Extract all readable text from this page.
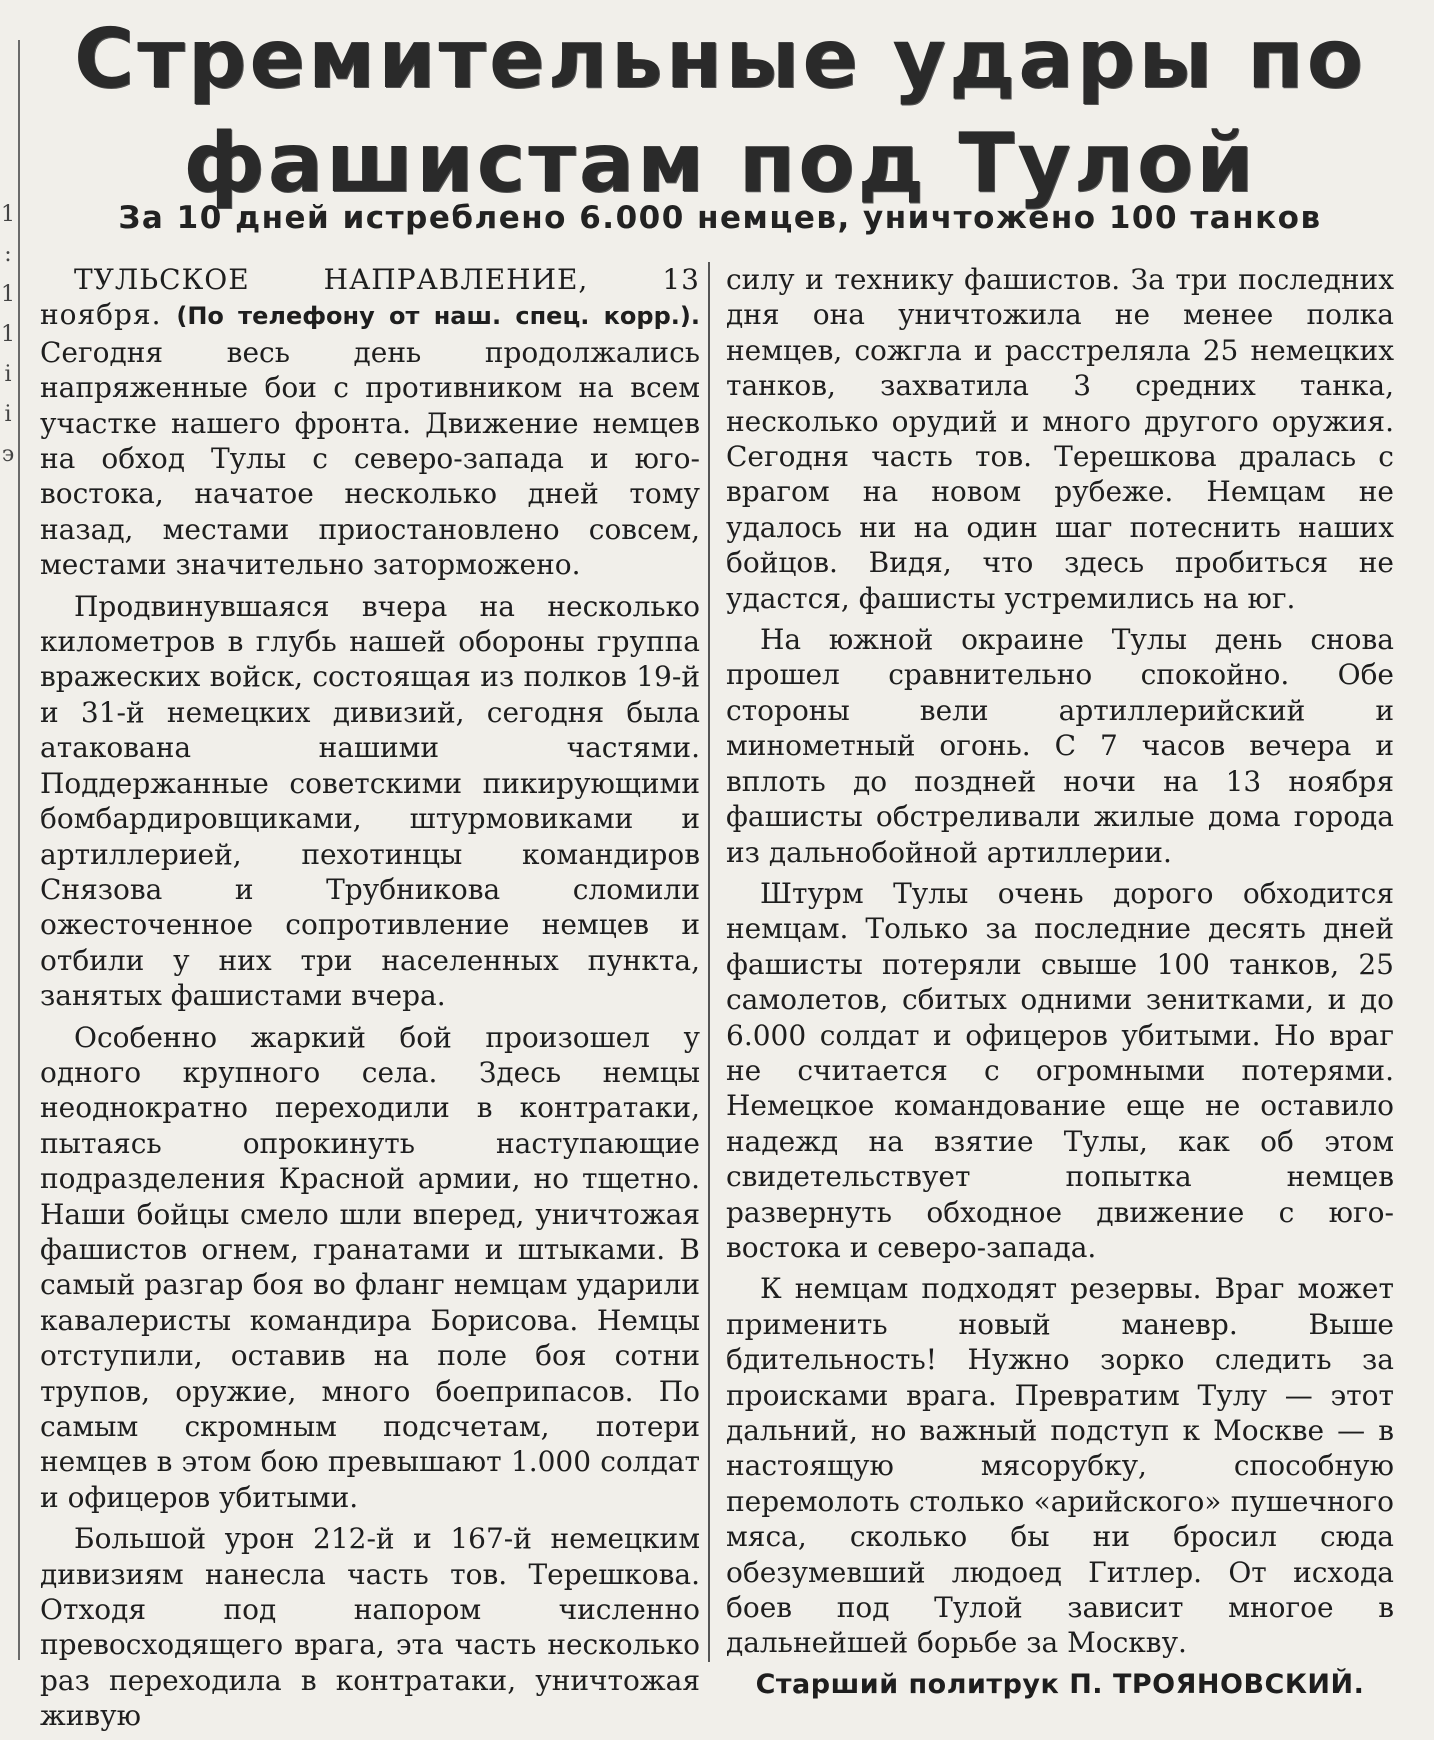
1
:
1
1
і
і
э
Стремительные удары по
фашистам под Тулой
За 10 дней истреблено 6.000 немцев, уничтожено 100 танков

ТУЛЬСКОЕ НАПРАВЛЕНИЕ, 13 ноября. (По телефону от наш. спец. корр.). Сегодня весь день продолжались напряженные бои с противником на всем участке нашего фронта. Движение немцев на обход Тулы с северо-запада и юго-востока, начатое несколько дней тому назад, местами приостановлено совсем, местами значительно заторможено.

Продвинувшаяся вчера на несколько километров в глубь нашей обороны группа вражеских войск, состоящая из полков 19-й и 31-й немецких дивизий, сегодня была атакована нашими частями. Поддержанные советскими пикирующими бомбардировщиками, штурмовиками и артиллерией, пехотинцы командиров Снязова и Трубникова сломили ожесточенное сопротивление немцев и отбили у них три населенных пункта, занятых фашистами вчера.

Особенно жаркий бой произошел у одного крупного села. Здесь немцы неоднократно переходили в контратаки, пытаясь опрокинуть наступающие подразделения Красной армии, но тщетно. Наши бойцы смело шли вперед, уничтожая фашистов огнем, гранатами и штыками. В самый разгар боя во фланг немцам ударили кавалеристы командира Борисова. Немцы отступили, оставив на поле боя сотни трупов, оружие, много боеприпасов. По самым скромным подсчетам, потери немцев в этом бою превышают 1.000 солдат и офицеров убитыми.

Большой урон 212-й и 167-й немецким дивизиям нанесла часть тов. Терешкова. Отходя под напором численно превосходящего врага, эта часть несколько раз переходила в контратаки, уничтожая живую

силу и технику фашистов. За три последних дня она уничтожила не менее полка немцев, сожгла и расстреляла 25 немецких танков, захватила 3 средних танка, несколько орудий и много другого оружия. Сегодня часть тов. Терешкова дралась с врагом на новом рубеже. Немцам не удалось ни на один шаг потеснить наших бойцов. Видя, что здесь пробиться не удастся, фашисты устремились на юг.

На южной окраине Тулы день снова прошел сравнительно спокойно. Обе стороны вели артиллерийский и минометный огонь. С 7 часов вечера и вплоть до поздней ночи на 13 ноября фашисты обстреливали жилые дома города из дальнобойной артиллерии.

Штурм Тулы очень дорого обходится немцам. Только за последние десять дней фашисты потеряли свыше 100 танков, 25 самолетов, сбитых одними зенитками, и до 6.000 солдат и офицеров убитыми. Но враг не считается с огромными потерями. Немецкое командование еще не оставило надежд на взятие Тулы, как об этом свидетельствует попытка немцев развернуть обходное движение с юго-востока и северо-запада.

К немцам подходят резервы. Враг может применить новый маневр. Выше бдительность! Нужно зорко следить за происками врага. Превратим Тулу — этот дальний, но важный подступ к Москве — в настоящую мясорубку, способную перемолоть столько «арийского» пушечного мяса, сколько бы ни бросил сюда обезумевший людоед Гитлер. От исхода боев под Тулой зависит многое в дальнейшей борьбе за Москву.

Старший политрук П. ТРОЯНОВСКИЙ.
